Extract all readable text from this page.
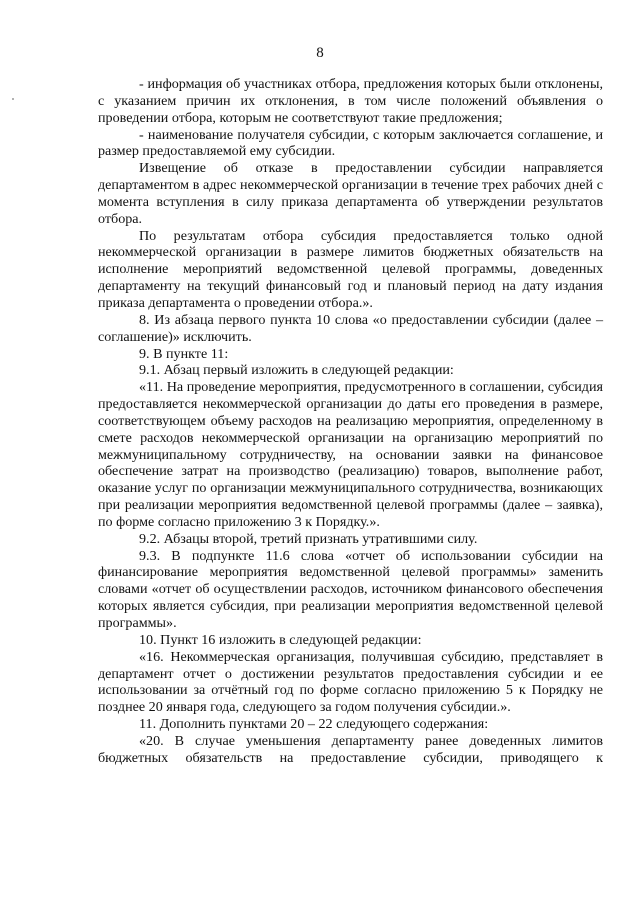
8

- информация об участниках отбора, предложения которых были отклонены, с указанием причин их отклонения, в том числе положений объявления о проведении отбора, которым не соответствуют такие предложения;

- наименование получателя субсидии, с которым заключается соглашение, и размер предоставляемой ему субсидии.

Извещение об отказе в предоставлении субсидии направляется департаментом в адрес некоммерческой организации в течение трех рабочих дней с момента вступления в силу приказа департамента об утверждении результатов отбора.

По результатам отбора субсидия предоставляется только одной некоммерческой организации в размере лимитов бюджетных обязательств на исполнение мероприятий ведомственной целевой программы, доведенных департаменту на текущий финансовый год и плановый период на дату издания приказа департамента о проведении отбора.».

8. Из абзаца первого пункта 10 слова «о предоставлении субсидии (далее – соглашение)» исключить.

9. В пункте 11:

9.1. Абзац первый изложить в следующей редакции:

«11. На проведение мероприятия, предусмотренного в соглашении, субсидия предоставляется некоммерческой организации до даты его проведения в размере, соответствующем объему расходов на реализацию мероприятия, определенному в смете расходов некоммерческой организации на организацию мероприятий по межмуниципальному сотрудничеству, на основании заявки на финансовое обеспечение затрат на производство (реализацию) товаров, выполнение работ, оказание услуг по организации межмуниципального сотрудничества, возникающих при реализации мероприятия ведомственной целевой программы (далее – заявка), по форме согласно приложению 3 к Порядку.».

9.2. Абзацы второй, третий признать утратившими силу.

9.3. В подпункте 11.6 слова «отчет об использовании субсидии на финансирование мероприятия ведомственной целевой программы» заменить словами «отчет об осуществлении расходов, источником финансового обеспечения которых является субсидия, при реализации мероприятия ведомственной целевой программы».

10. Пункт 16 изложить в следующей редакции:

«16. Некоммерческая организация, получившая субсидию, представляет в департамент отчет о достижении результатов предоставления субсидии и ее использовании за отчётный год по форме согласно приложению 5 к Порядку не позднее 20 января года, следующего за годом получения субсидии.».

11. Дополнить пунктами 20 – 22 следующего содержания:

«20. В случае уменьшения департаменту ранее доведенных лимитов бюджетных обязательств на предоставление субсидии, приводящего к
